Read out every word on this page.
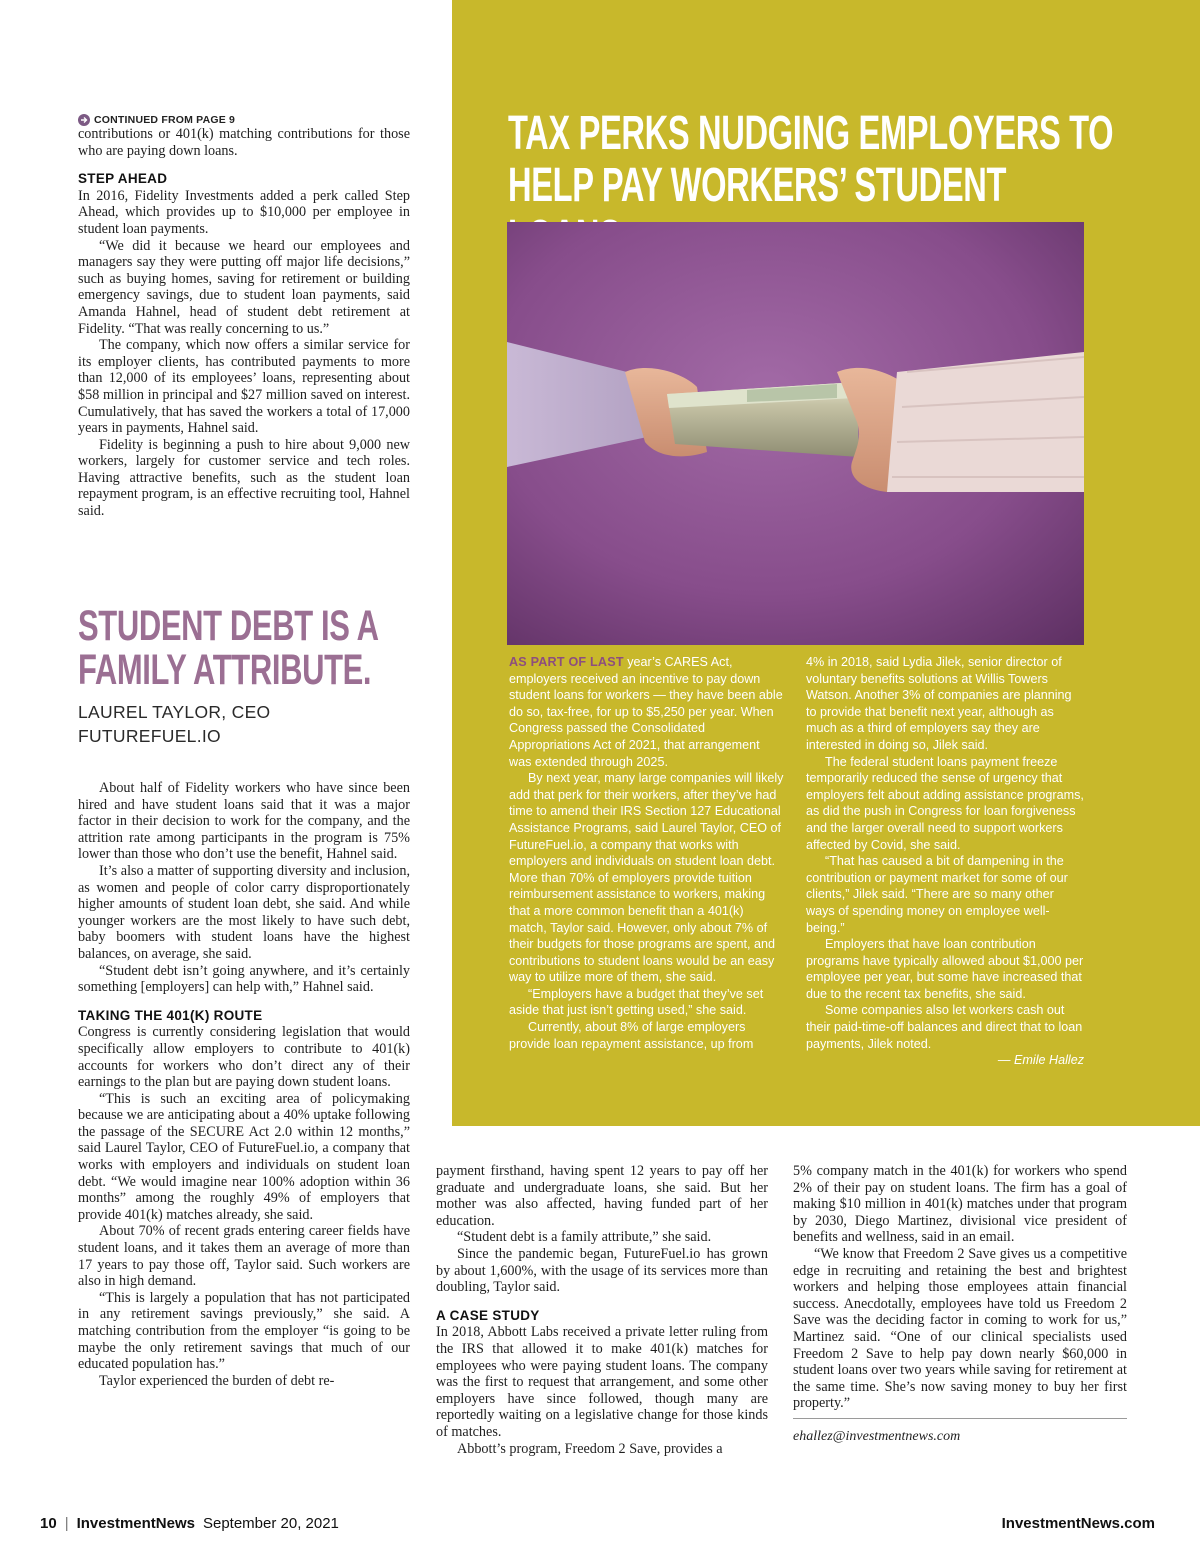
CONTINUED FROM PAGE 9

contributions or 401(k) matching contributions for those who are paying down loans.

STEP AHEAD

In 2016, Fidelity Investments added a perk called Step Ahead, which provides up to $10,000 per employee in student loan payments.

“We did it because we heard our employees and managers say they were putting off major life decisions,” such as buying homes, saving for retirement or building emergency savings, due to student loan payments, said Amanda Hahnel, head of student debt retirement at Fidelity. “That was really concerning to us.”

The company, which now offers a similar service for its employer clients, has contributed payments to more than 12,000 of its employees’ loans, representing about $58 million in principal and $27 million saved on interest. Cumulatively, that has saved the workers a total of 17,000 years in payments, Hahnel said.

Fidelity is beginning a push to hire about 9,000 new workers, largely for customer service and tech roles. Having attractive benefits, such as the student loan repayment program, is an effective recruiting tool, Hahnel said.

STUDENT DEBT IS A
FAMILY ATTRIBUTE.
LAUREL TAYLOR, CEO
FUTUREFUEL.IO

About half of Fidelity workers who have since been hired and have student loans said that it was a major factor in their decision to work for the company, and the attrition rate among participants in the program is 75% lower than those who don’t use the benefit, Hahnel said.

It’s also a matter of supporting diversity and inclusion, as women and people of color carry disproportionately higher amounts of student loan debt, she said. And while younger workers are the most likely to have such debt, baby boomers with student loans have the highest balances, on average, she said.

“Student debt isn’t going anywhere, and it’s certainly something [employers] can help with,” Hahnel said.

TAKING THE 401(K) ROUTE

Congress is currently considering legislation that would specifically allow employers to contribute to 401(k) accounts for workers who don’t direct any of their earnings to the plan but are paying down student loans.

“This is such an exciting area of policymaking because we are anticipating about a 40% uptake following the passage of the SECURE Act 2.0 within 12 months,” said Laurel Taylor, CEO of FutureFuel.io, a company that works with employers and individuals on student loan debt. “We would imagine near 100% adoption within 36 months” among the roughly 49% of employers that provide 401(k) matches already, she said.

About 70% of recent grads entering career fields have student loans, and it takes them an average of more than 17 years to pay those off, Taylor said. Such workers are also in high demand.

“This is largely a population that has not participated in any retirement savings previously,” she said. A matching contribution from the employer “is going to be maybe the only retirement savings that much of our educated population has.”

Taylor experienced the burden of debt re-

TAX PERKS NUDGING EMPLOYERS TO
HELP PAY WORKERS’ STUDENT

AS PART OF LAST year’s CARES Act, employers received an incentive to pay down student loans for workers — they have been able do so, tax-free, for up to $5,250 per year. When Congress passed the Consolidated Appropriations Act of 2021, that arrangement was extended through 2025.

By next year, many large companies will likely add that perk for their workers, after they’ve had time to amend their IRS Section 127 Educational Assistance Programs, said Laurel Taylor, CEO of FutureFuel.io, a company that works with employers and individuals on student loan debt. More than 70% of employers provide tuition reimbursement assistance to workers, making that a more common benefit than a 401(k) match, Taylor said. However, only about 7% of their budgets for those programs are spent, and contributions to student loans would be an easy way to utilize more of them, she said.

“Employers have a budget that they’ve set aside that just isn’t getting used,” she said.

Currently, about 8% of large employers provide loan repayment assistance, up from

4% in 2018, said Lydia Jilek, senior director of voluntary benefits solutions at Willis Towers Watson. Another 3% of companies are planning to provide that benefit next year, although as much as a third of employers say they are interested in doing so, Jilek said.

The federal student loans payment freeze temporarily reduced the sense of urgency that employers felt about adding assistance programs, as did the push in Congress for loan forgiveness and the larger overall need to support workers affected by Covid, she said.

“That has caused a bit of dampening in the contribution or payment market for some of our clients,” Jilek said. “There are so many other ways of spending money on employee well-being.”

Employers that have loan contribution programs have typically allowed about $1,000 per employee per year, but some have increased that due to the recent tax benefits, she said.

Some companies also let workers cash out their paid-time-off balances and direct that to loan payments, Jilek noted.

— Emile Hallez

payment firsthand, having spent 12 years to pay off her graduate and undergraduate loans, she said. But her mother was also affected, having funded part of her education.

“Student debt is a family attribute,” she said.

Since the pandemic began, FutureFuel.io has grown by about 1,600%, with the usage of its services more than doubling, Taylor said.

A CASE STUDY

In 2018, Abbott Labs received a private letter ruling from the IRS that allowed it to make 401(k) matches for employees who were paying student loans. The company was the first to request that arrangement, and some other employers have since followed, though many are reportedly waiting on a legislative change for those kinds of matches.

Abbott’s program, Freedom 2 Save, provides a

5% company match in the 401(k) for workers who spend 2% of their pay on student loans. The firm has a goal of making $10 million in 401(k) matches under that program by 2030, Diego Martinez, divisional vice president of benefits and wellness, said in an email.

“We know that Freedom 2 Save gives us a competitive edge in recruiting and retaining the best and brightest workers and helping those employees attain financial success. Anecdotally, employees have told us Freedom 2 Save was the deciding factor in coming to work for us,” Martinez said. “One of our clinical specialists used Freedom 2 Save to help pay down nearly $60,000 in student loans over two years while saving for retirement at the same time. She’s now saving money to buy her first property.”

ehallez@investmentnews.com
10 | InvestmentNews September 20, 2021	InvestmentNews.com
